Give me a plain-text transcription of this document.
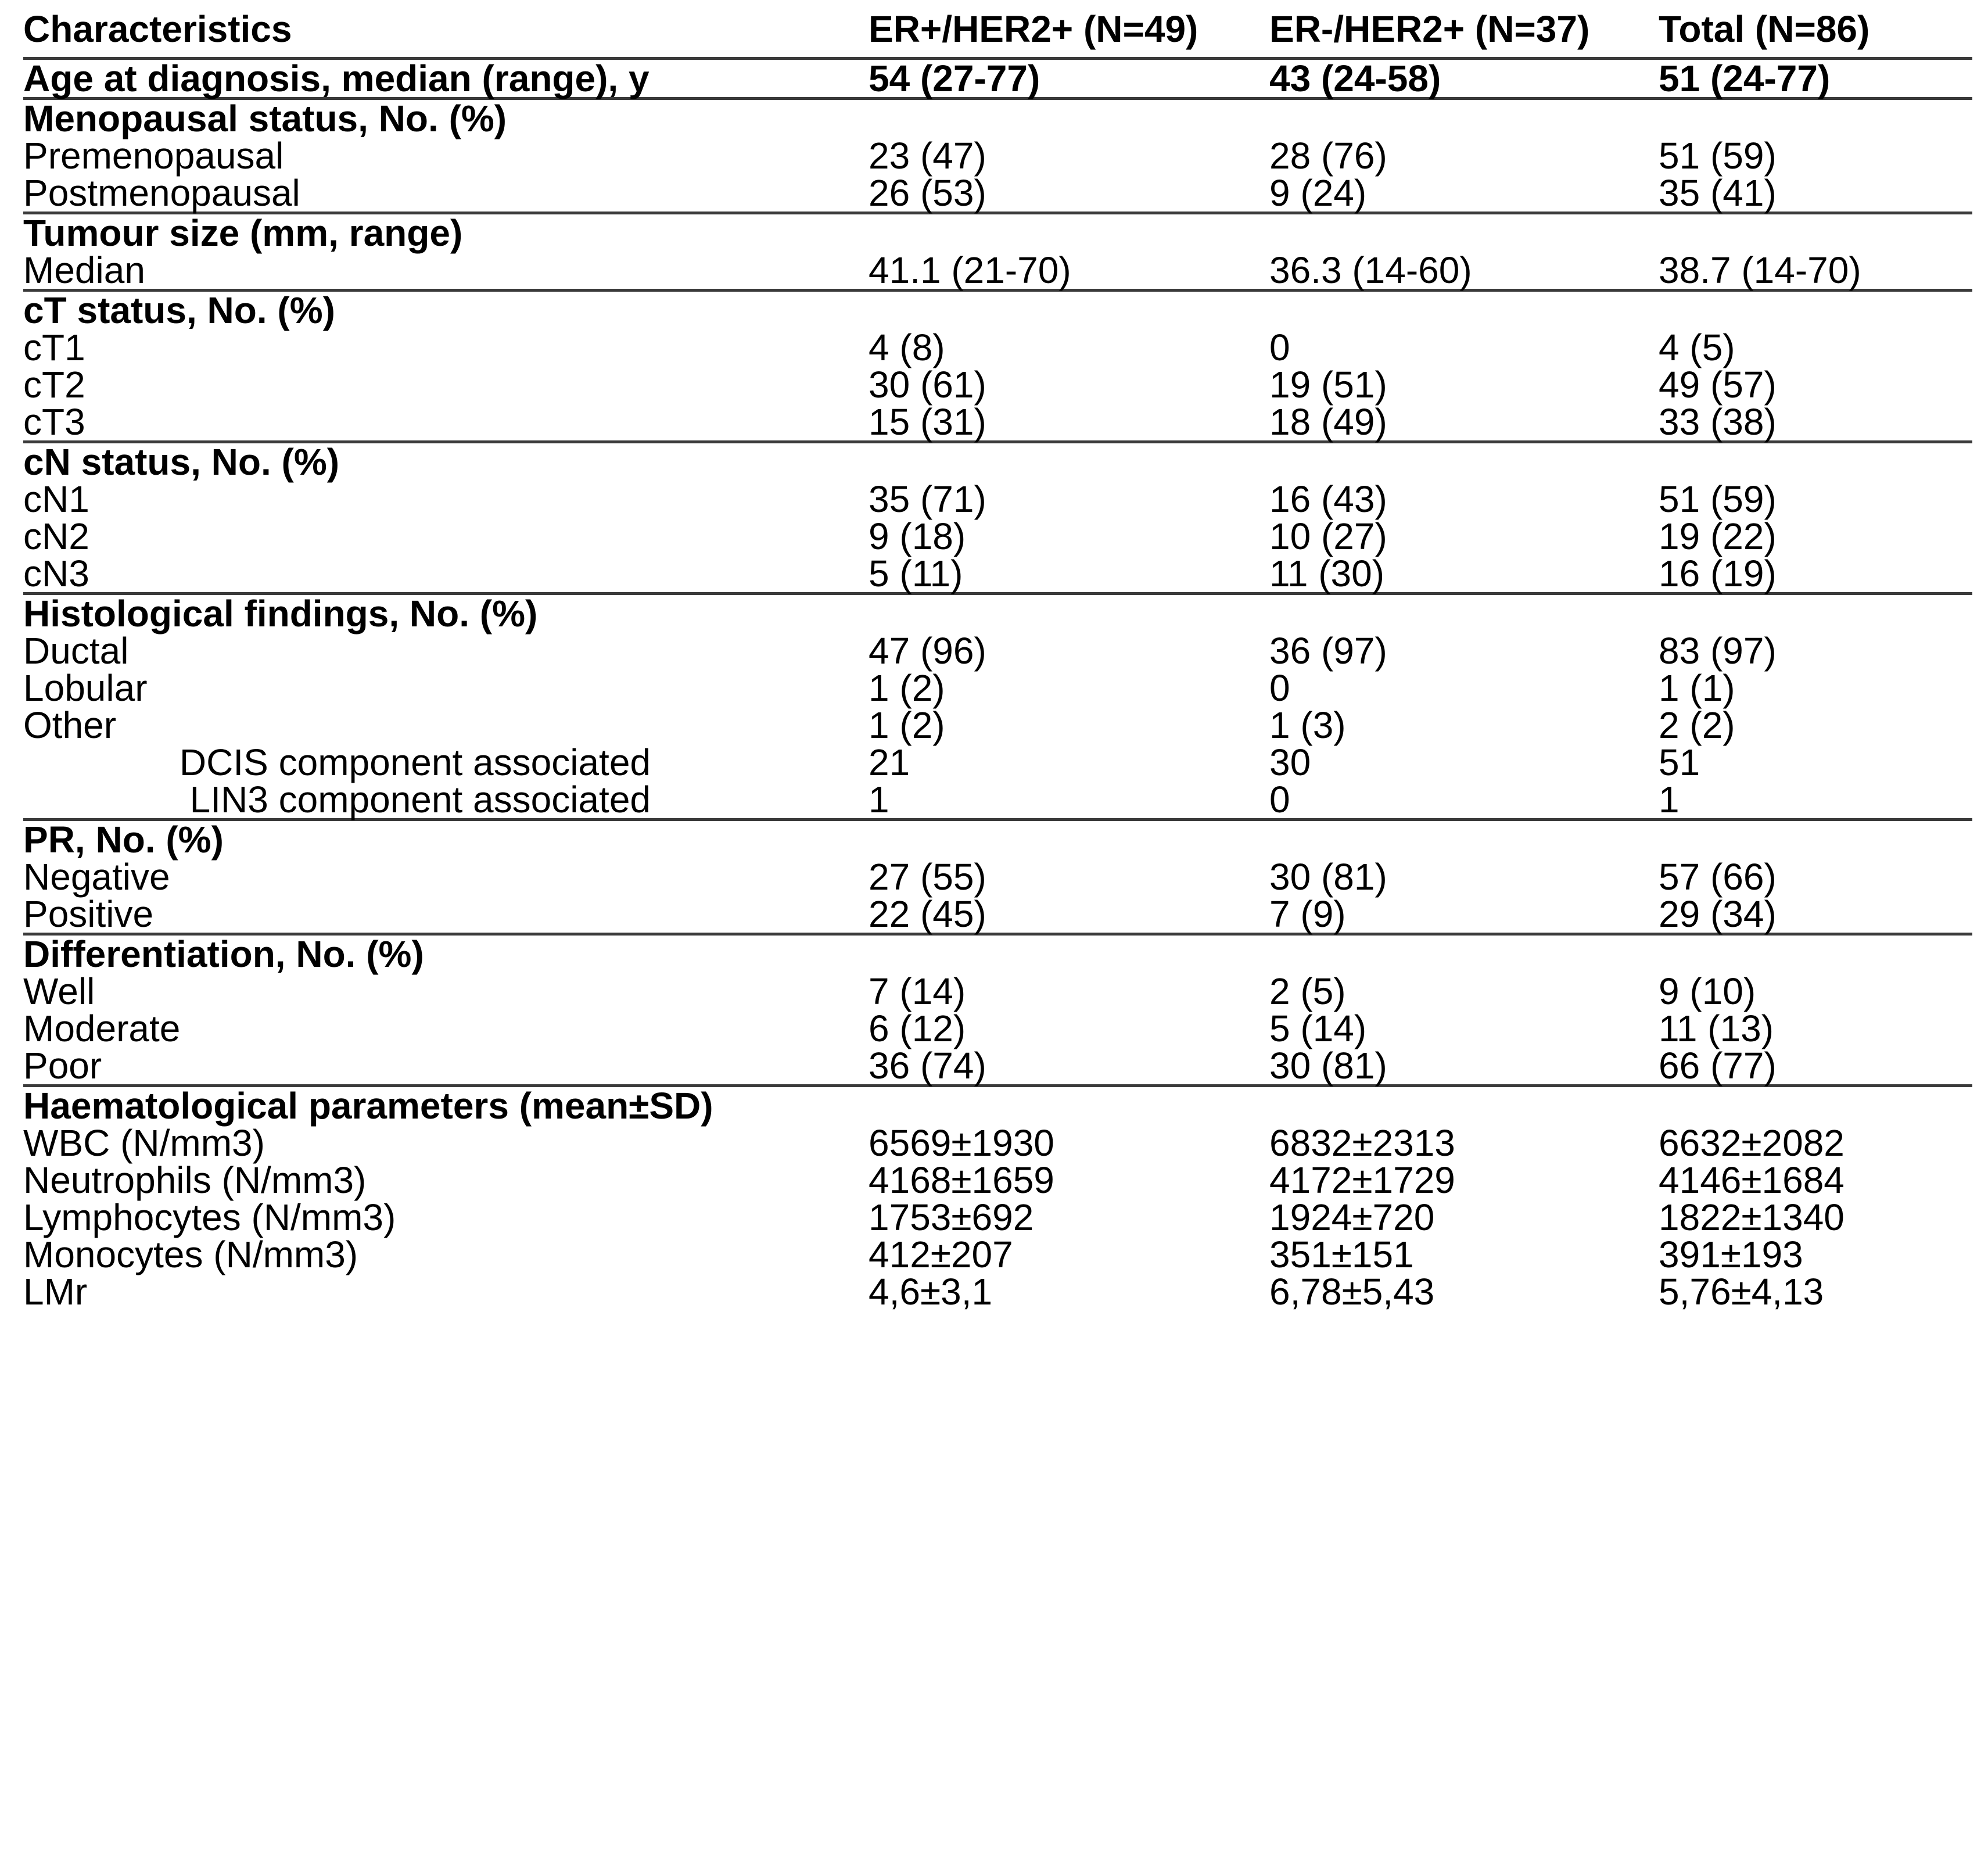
Characteristics	ER+/HER2+ (N=49)	ER-/HER2+ (N=37)	Total (N=86)

Age at diagnosis, median (range), y	54 (27-77)	43 (24-58)	51 (24-77)

Menopausal status, No. (%)			
Premenopausal	23 (47)	28 (76)	51 (59)
Postmenopausal	26 (53)	9 (24)	35 (41)

Tumour size (mm, range)			
Median	41.1 (21-70)	36.3 (14-60)	38.7 (14-70)

cT status, No. (%)			
cT1	4 (8)	0	4 (5)
cT2	30 (61)	19 (51)	49 (57)
cT3	15 (31)	18 (49)	33 (38)

cN status, No. (%)			
cN1	35 (71)	16 (43)	51 (59)
cN2	9 (18)	10 (27)	19 (22)
cN3	5 (11)	11 (30)	16 (19)

Histological findings, No. (%)			
Ductal	47 (96)	36 (97)	83 (97)
Lobular	1 (2)	0	1 (1)
Other	1 (2)	1 (3)	2 (2)
DCIS component associated	21	30	51
LIN3 component associated	1	0	1

PR, No. (%)			
Negative	27 (55)	30 (81)	57 (66)
Positive	22 (45)	7 (9)	29 (34)

Differentiation, No. (%)			
Well	7 (14)	2 (5)	9 (10)
Moderate	6 (12)	5 (14)	11 (13)
Poor	36 (74)	30 (81)	66 (77)

Haematological parameters (mean±SD)			
WBC (N/mm3)	6569±1930	6832±2313	6632±2082
Neutrophils (N/mm3)	4168±1659	4172±1729	4146±1684
Lymphocytes (N/mm3)	1753±692	1924±720	1822±1340
Monocytes (N/mm3)	412±207	351±151	391±193
LMr	4,6±3,1	6,78±5,43	5,76±4,13
